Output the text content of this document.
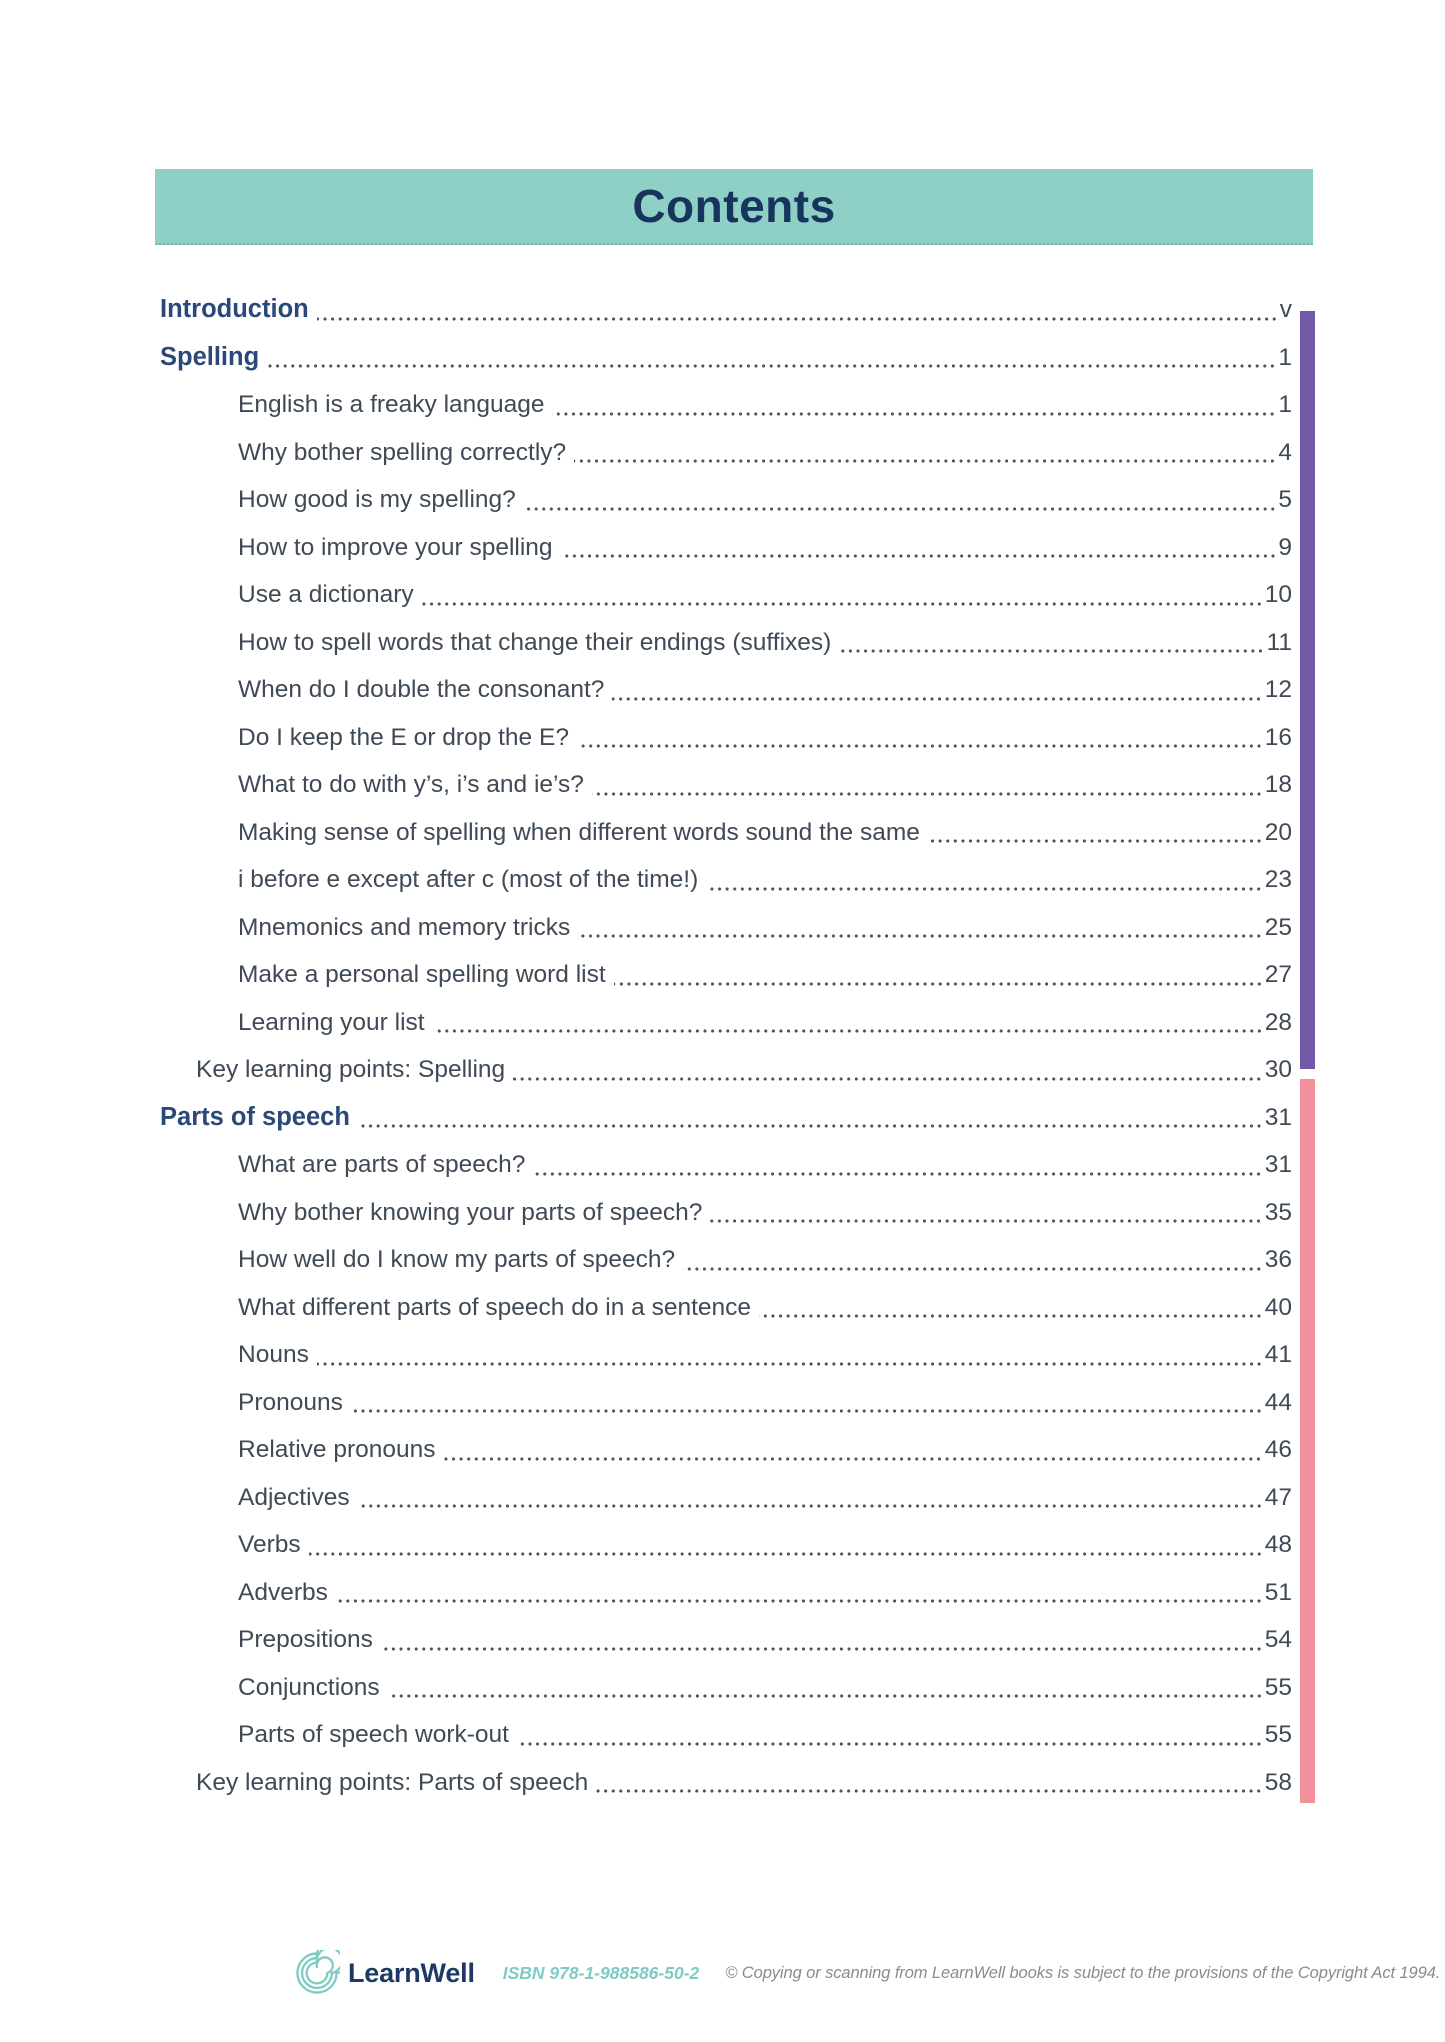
Contents
Introduction	v
Spelling	1
English is a freaky language	1
Why bother spelling correctly?	4
How good is my spelling?	5
How to improve your spelling	9
Use a dictionary	10
How to spell words that change their endings (suffixes)	11
When do I double the consonant?	12
Do I keep the E or drop the E?	16
What to do with y’s, i’s and ie’s?	18
Making sense of spelling when different words sound the same	20
i before e except after c (most of the time!)	23
Mnemonics and memory tricks	25
Make a personal spelling word list	27
Learning your list	28
Key learning points: Spelling	30
Parts of speech	31
What are parts of speech?	31
Why bother knowing your parts of speech?	35
How well do I know my parts of speech?	36
What different parts of speech do in a sentence	40
Nouns	41
Pronouns	44
Relative pronouns	46
Adjectives	47
Verbs	48
Adverbs	51
Prepositions	54
Conjunctions	55
Parts of speech work-out	55
Key learning points: Parts of speech	58
LearnWell ISBN 978-1-988586-50-2 © Copying or scanning from LearnWell books is subject to the provisions of the Copyright Act 1994.
